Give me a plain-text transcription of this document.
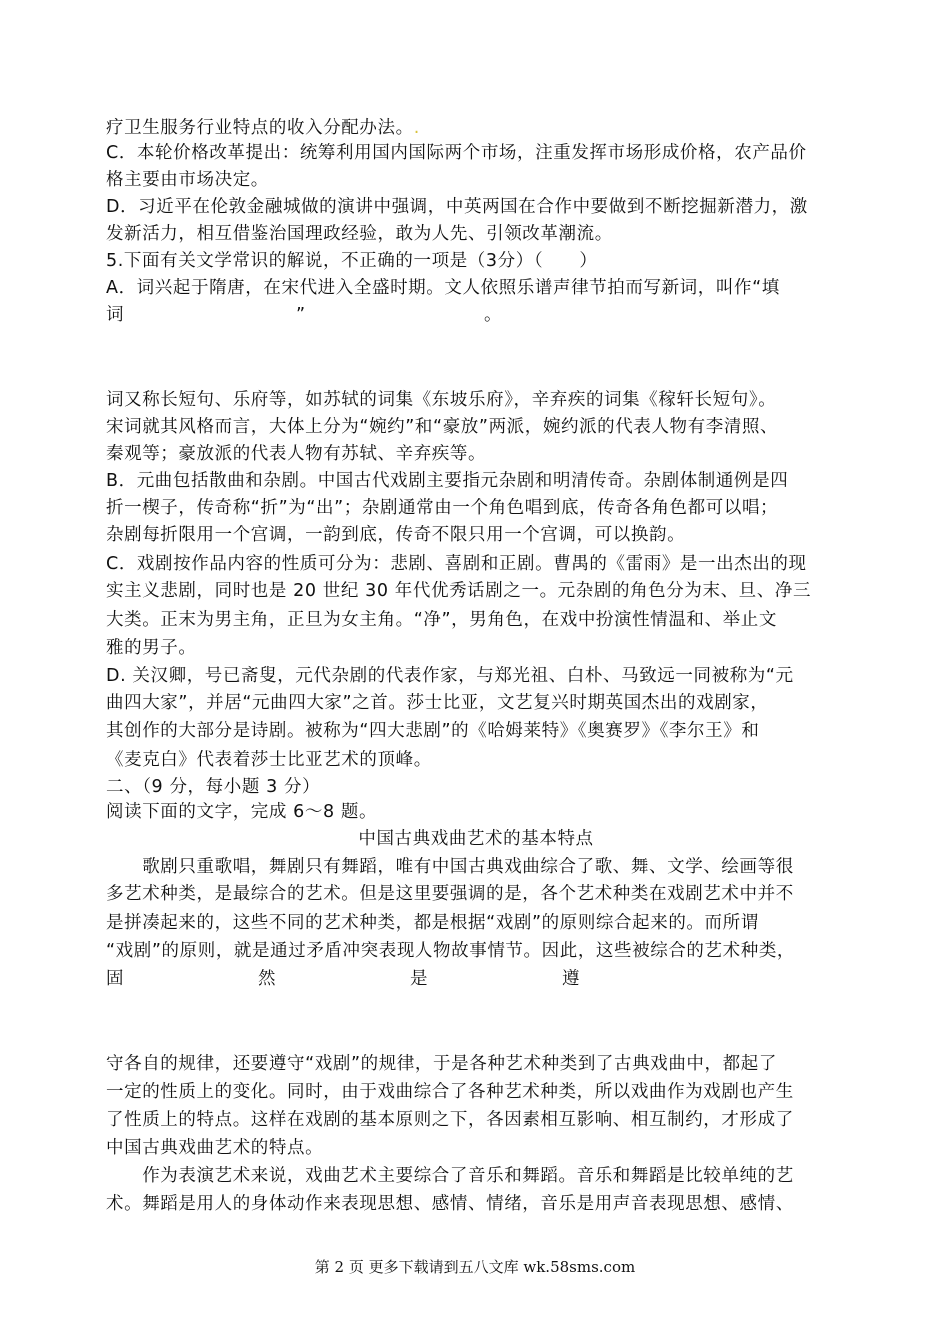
疗卫生服务行业特点的收入分配办法。.
C．本轮价格改革提出：统筹利用国内国际两个市场，注重发挥市场形成价格，农产品价
格主要由市场决定。
D．习近平在伦敦金融城做的演讲中强调，中英两国在合作中要做到不断挖掘新潜力，激
发新活力，相互借鉴治国理政经验，敢为人先、引领改革潮流。
5.下面有关文学常识的解说，不正确的一项是（3分）（　　）
A．词兴起于隋唐，在宋代进入全盛时期。文人依照乐谱声律节拍而写新词，叫作“填
词	”	。
词又称长短句、乐府等，如苏轼的词集《东坡乐府》，辛弃疾的词集《稼轩长短句》。
宋词就其风格而言，大体上分为“婉约”和“豪放”两派，婉约派的代表人物有李清照、
秦观等；豪放派的代表人物有苏轼、辛弃疾等。
B．元曲包括散曲和杂剧。中国古代戏剧主要指元杂剧和明清传奇。杂剧体制通例是四
折一楔子，传奇称“折”为“出”；杂剧通常由一个角色唱到底，传奇各角色都可以唱；
杂剧每折限用一个宫调，一韵到底，传奇不限只用一个宫调，可以换韵。
C．戏剧按作品内容的性质可分为：悲剧、喜剧和正剧。曹禺的《雷雨》是一出杰出的现
实主义悲剧，同时也是 20 世纪 30 年代优秀话剧之一。元杂剧的角色分为末、旦、净三
大类。正末为男主角，正旦为女主角。“净”，男角色，在戏中扮演性情温和、举止文
雅的男子。
D. 关汉卿，号已斋叟，元代杂剧的代表作家，与郑光祖、白朴、马致远一同被称为“元
曲四大家”，并居“元曲四大家”之首。莎士比亚，文艺复兴时期英国杰出的戏剧家，
其创作的大部分是诗剧。被称为“四大悲剧”的《哈姆莱特》《奥赛罗》《李尔王》和
《麦克白》代表着莎士比亚艺术的顶峰。
二、（9 分，每小题 3 分）
阅读下面的文字，完成 6～8 题。
中国古典戏曲艺术的基本特点
　　歌剧只重歌唱，舞剧只有舞蹈，唯有中国古典戏曲综合了歌、舞、文学、绘画等很
多艺术种类，是最综合的艺术。但是这里要强调的是，各个艺术种类在戏剧艺术中并不
是拼凑起来的，这些不同的艺术种类，都是根据“戏剧”的原则综合起来的。而所谓
“戏剧”的原则，就是通过矛盾冲突表现人物故事情节。因此，这些被综合的艺术种类，
固	然	是	遵
守各自的规律，还要遵守“戏剧”的规律，于是各种艺术种类到了古典戏曲中，都起了
一定的性质上的变化。同时，由于戏曲综合了各种艺术种类，所以戏曲作为戏剧也产生
了性质上的特点。这样在戏剧的基本原则之下，各因素相互影响、相互制约，才形成了
中国古典戏曲艺术的特点。
　　作为表演艺术来说，戏曲艺术主要综合了音乐和舞蹈。音乐和舞蹈是比较单纯的艺
术。舞蹈是用人的身体动作来表现思想、感情、情绪，音乐是用声音表现思想、感情、
第 2 页 更多下载请到五八文库 wk.58sms.com
